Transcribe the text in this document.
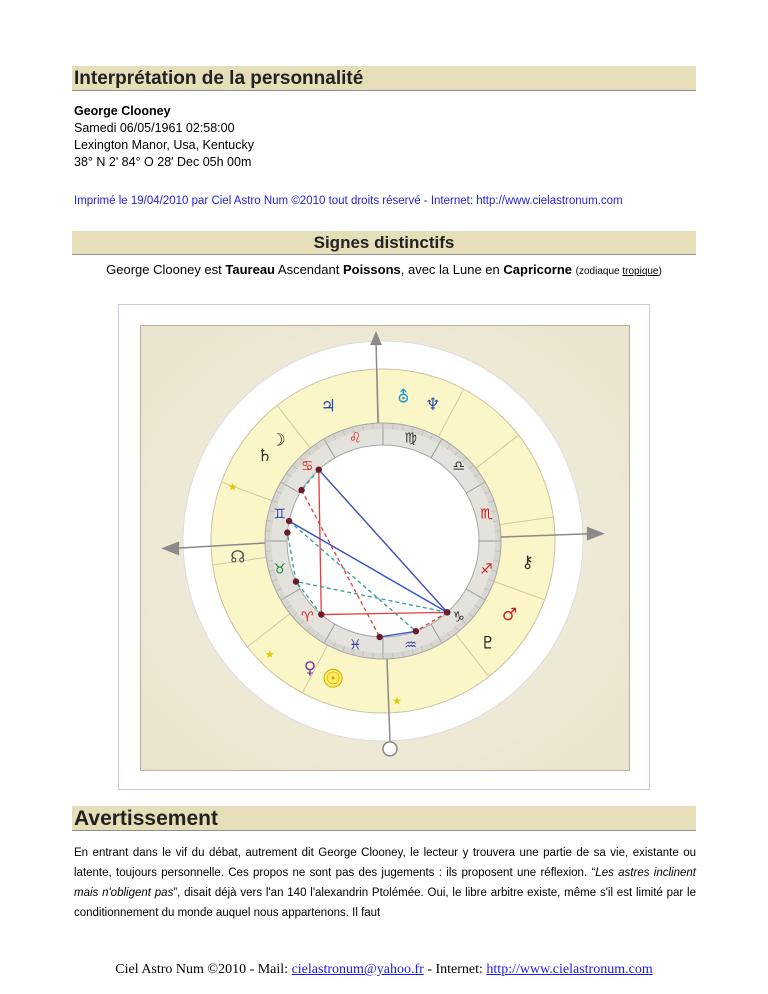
Interprétation de la personnalité
George Clooney
Samedi 06/05/1961 02:58:00
Lexington Manor, Usa, Kentucky
38° N 2' 84° O 28' Dec 05h 00m
Imprimé le 19/04/2010 par Ciel Astro Num ©2010 tout droits réservé - Internet: http://www.cielastronum.com
Signes distinctifs
George Clooney est Taureau Ascendant Poissons, avec la Lune en Capricorne (zodiaque tropique)
♈
♉
♊
♋
♌	♍
♎
♏
♐
♑
♒
♓
☉
☽
♀
♂
♃
♄
⛢ ♆
♇
☊	⚷
★
★
★
Avertissement

En entrant dans le vif du débat, autrement dit George Clooney, le lecteur y trouvera une partie de sa vie, existante ou latente, toujours personnelle. Ces propos ne sont pas des jugements : ils proposent une réflexion. “Les astres inclinent mais n'obligent pas”, disait déjà vers l'an 140 l'alexandrin Ptolémée. Oui, le libre arbitre existe, même s'il est limité par le conditionnement du monde auquel nous appartenons. Il faut

Ciel Astro Num ©2010 - Mail: cielastronum@yahoo.fr - Internet: http://www.cielastronum.com
